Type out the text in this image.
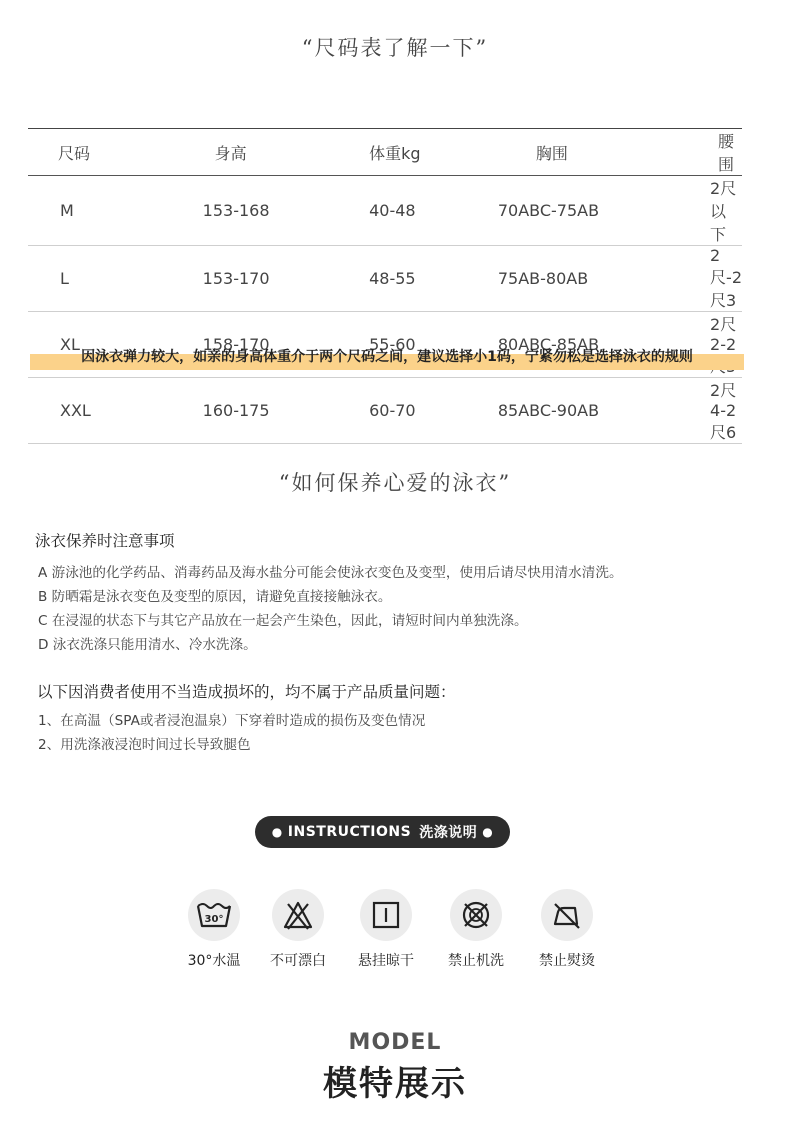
“尺码表了解一下”
尺码	身高	体重kg	胸围	腰围
M	153-168	40-48	70ABC-75AB	2尺以下
L	153-170	48-55	75AB-80AB	2尺-2尺3
XL	158-170	55-60	80ABC-85AB	2尺2-2
XXL	160-175	60-70	85ABC-90AB	2尺4-2尺6
因泳衣弹力较大，如亲的身高体重介于两个尺码之间，建议选择小1码，宁紧勿松是选择泳衣的规则
“如何保养心爱的泳衣”
泳衣保养时注意事项
A 游泳池的化学药品、消毒药品及海水盐分可能会使泳衣变色及变型，使用后请尽快用清水清洗。
B 防晒霜是泳衣变色及变型的原因，请避免直接接触泳衣。
C 在浸湿的状态下与其它产品放在一起会产生染色，因此，请短时间内单独洗涤。
D 泳衣洗涤只能用清水、冷水洗涤。
以下因消费者使用不当造成损坏的，均不属于产品质量问题：
1、在高温（SPA或者浸泡温泉）下穿着时造成的损伤及变色情况
2、用洗涤液浸泡时间过长导致腿色
● INSTRUCTIONS 洗涤说明 ●
30°
30°水温	不可漂白	悬挂晾干	禁止机洗	禁止熨烫
MODEL
模特展示
